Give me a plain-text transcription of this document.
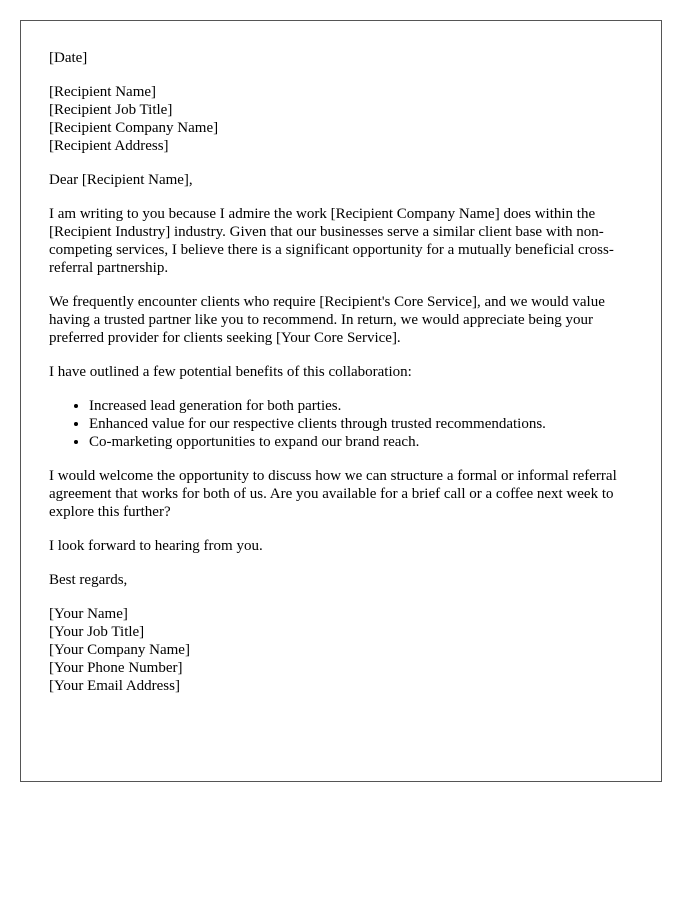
[Date]

[Recipient Name]
[Recipient Job Title]
[Recipient Company Name]
[Recipient Address]

Dear [Recipient Name],

I am writing to you because I admire the work [Recipient Company Name] does within the [Recipient Industry] industry. Given that our businesses serve a similar client base with non-competing services, I believe there is a significant opportunity for a mutually beneficial cross-referral partnership.

We frequently encounter clients who require [Recipient's Core Service], and we would value having a trusted partner like you to recommend. In return, we would appreciate being your preferred provider for clients seeking [Your Core Service].

I have outlined a few potential benefits of this collaboration:

• Increased lead generation for both parties.
• Enhanced value for our respective clients through trusted recommendations.
• Co-marketing opportunities to expand our brand reach.

I would welcome the opportunity to discuss how we can structure a formal or informal referral agreement that works for both of us. Are you available for a brief call or a coffee next week to explore this further?

I look forward to hearing from you.

Best regards,

[Your Name]
[Your Job Title]
[Your Company Name]
[Your Phone Number]
[Your Email Address]
